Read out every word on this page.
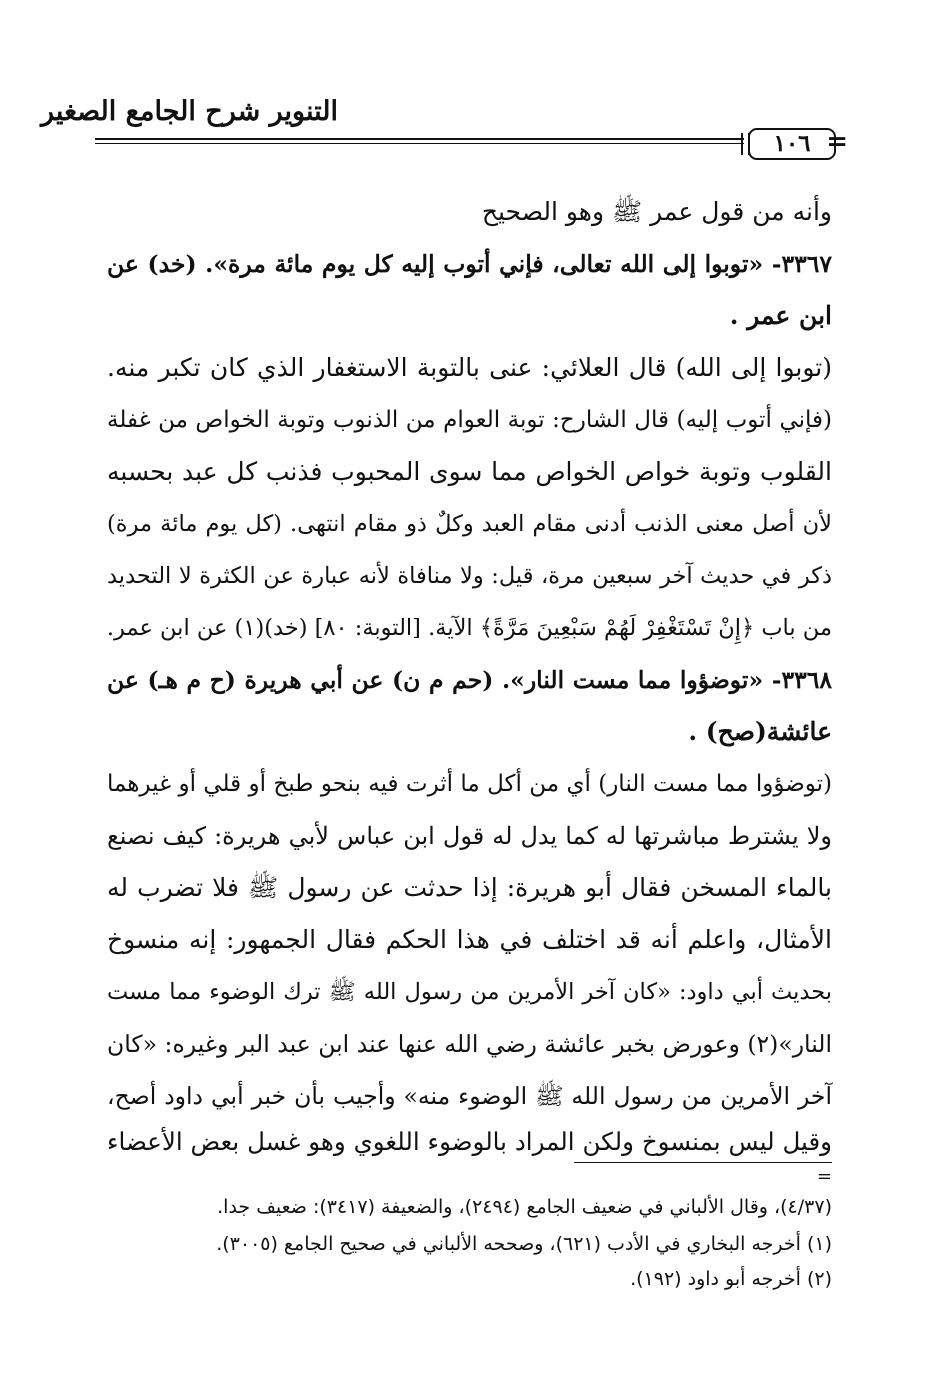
التنوير شرح الجامع الصغير
=
١٠٦
وأنه من قول عمر ﷺ وهو الصحيح
٣٣٦٧- «توبوا إلى الله تعالى، فإني أتوب إليه كل يوم مائة مرة». (خد) عن
ابن عمر .
(توبوا إلى الله) قال العلائي: عنى بالتوبة الاستغفار الذي كان تكبر منه.
(فإني أتوب إليه) قال الشارح: توبة العوام من الذنوب وتوبة الخواص من غفلة
القلوب وتوبة خواص الخواص مما سوى المحبوب فذنب كل عبد بحسبه
لأن أصل معنى الذنب أدنى مقام العبد وكلٌ ذو مقام انتهى. (كل يوم مائة مرة)
ذكر في حديث آخر سبعين مرة، قيل: ولا منافاة لأنه عبارة عن الكثرة لا التحديد
من باب ﴿إِنْ تَسْتَغْفِرْ لَهُمْ سَبْعِينَ مَرَّةً﴾ الآية. [التوبة: ٨٠] (خد)(١) عن ابن عمر.
٣٣٦٨- «توضؤوا مما مست النار». (حم م ن) عن أبي هريرة (ح م هـ) عن
عائشة(صح) .
(توضؤوا مما مست النار) أي من أكل ما أثرت فيه بنحو طبخ أو قلي أو غيرهما
ولا يشترط مباشرتها له كما يدل له قول ابن عباس لأبي هريرة: كيف نصنع
بالماء المسخن فقال أبو هريرة: إذا حدثت عن رسول ﷺ فلا تضرب له
الأمثال، واعلم أنه قد اختلف في هذا الحكم فقال الجمهور: إنه منسوخ
بحديث أبي داود: «كان آخر الأمرين من رسول الله ﷺ ترك الوضوء مما مست
النار»(٢) وعورض بخبر عائشة رضي الله عنها عند ابن عبد البر وغيره: «كان
آخر الأمرين من رسول الله ﷺ الوضوء منه» وأجيب بأن خبر أبي داود أصح،
وقيل ليس بمنسوخ ولكن المراد بالوضوء اللغوي وهو غسل بعض الأعضاء
=
(٤/٣٧)، وقال الألباني في ضعيف الجامع (٢٤٩٤)، والضعيفة (٣٤١٧): ضعيف جدا.
(١) أخرجه البخاري في الأدب (٦٢١)، وصححه الألباني في صحيح الجامع (٣٠٠٥).
(٢) أخرجه أبو داود (١٩٢).
